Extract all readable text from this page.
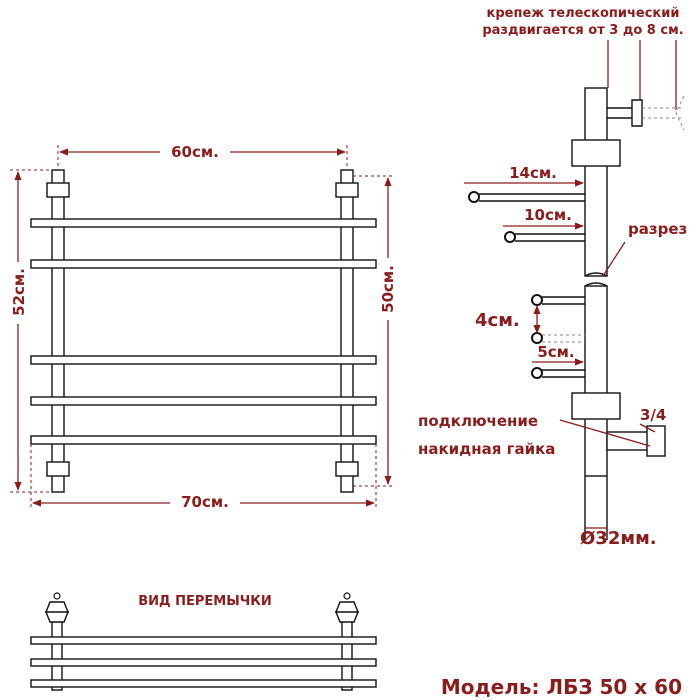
60см.
70см.
52см.	50см.
крепеж телескопический
раздвигается от 3 до 8 см.
14см.
10см.
разрез
4см.
5см.
3/4
подключение
накидная гайка
Ø32мм.
ВИД ПЕРЕМЫЧКИ
Модель: ЛБЗ 50 х 60
